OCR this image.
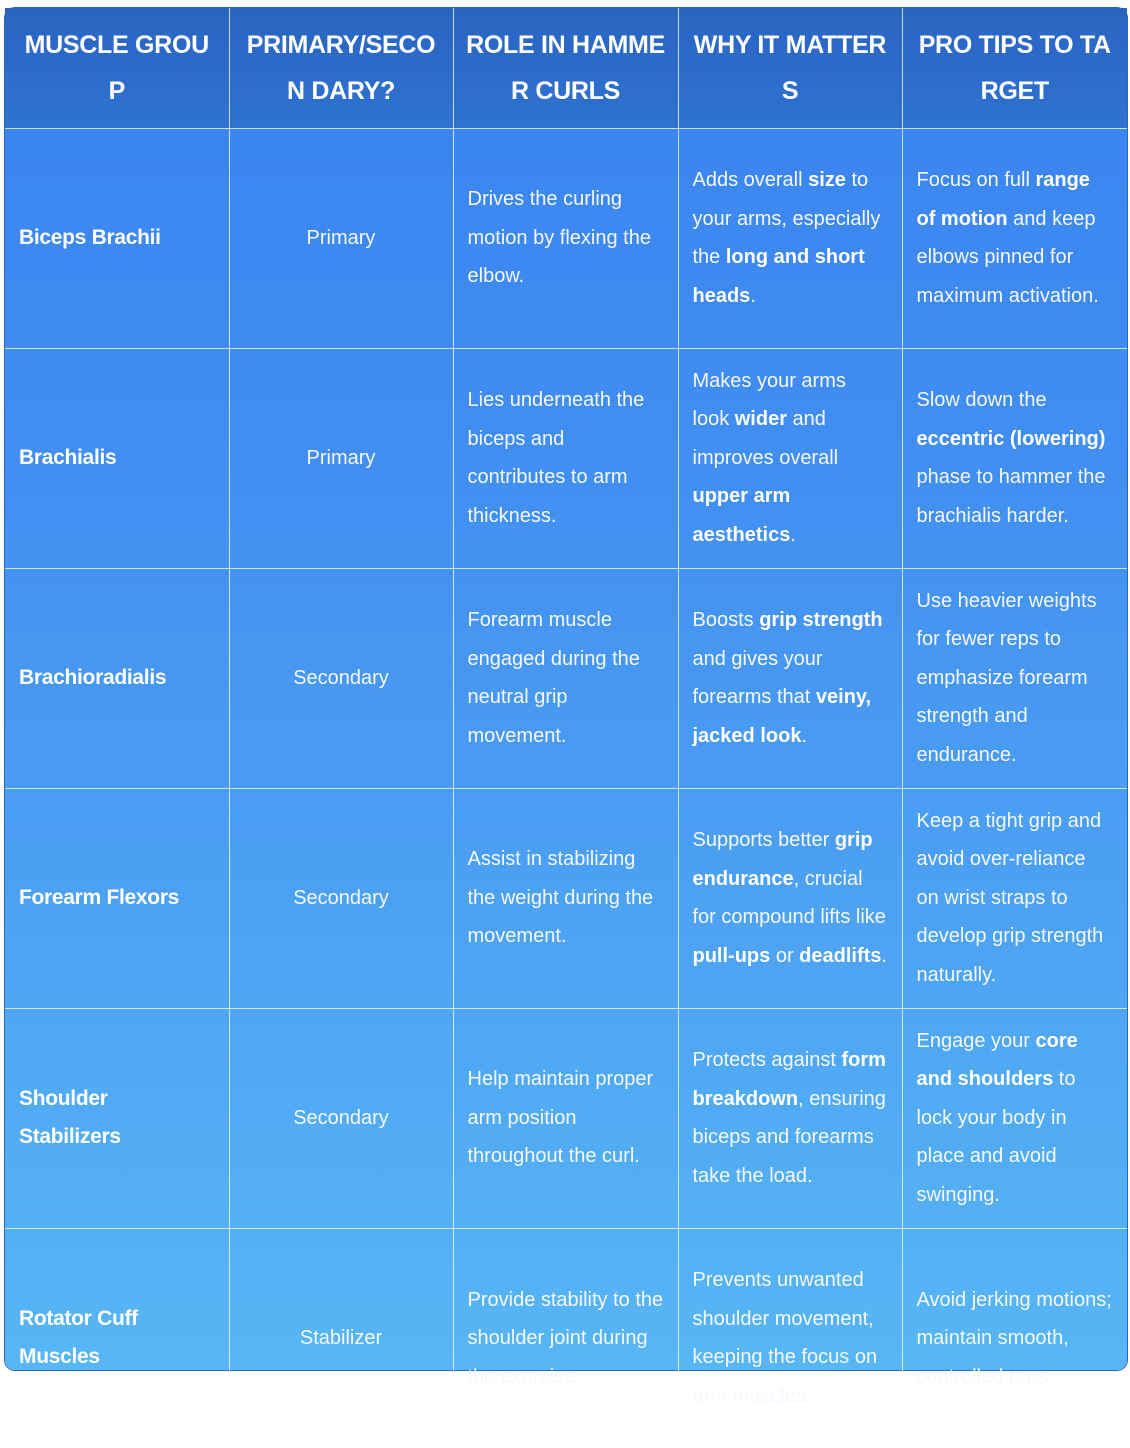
MUSCLE GROUP	PRIMARY/SECON DARY?	ROLE IN HAMMER CURLS	WHY IT MATTERS	PRO TIPS TO TARGET
Biceps Brachii	Primary	Drives the curling motion by flexing the elbow.	Adds overall size to your arms, especially the long and short heads.	Focus on full range of motion and keep elbows pinned for maximum activation.
Brachialis	Primary	Lies underneath the biceps and contributes to arm thickness.	Makes your arms look wider and improves overall upper arm aesthetics.	Slow down the eccentric (lowering) phase to hammer the brachialis harder.
Brachioradialis	Secondary	Forearm muscle engaged during the neutral grip movement.	Boosts grip strength and gives your forearms that veiny, jacked look.	Use heavier weights for fewer reps to emphasize forearm strength and endurance.
Forearm Flexors	Secondary	Assist in stabilizing the weight during the movement.	Supports better grip endurance, crucial for compound lifts like pull-ups or deadlifts.	Keep a tight grip and avoid over-reliance on wrist straps to develop grip strength naturally.
Shoulder Stabilizers	Secondary	Help maintain proper arm position throughout the curl.	Protects against form breakdown, ensuring biceps and forearms take the load.	Engage your core and shoulders to lock your body in place and avoid swinging.
Rotator Cuff Muscles	Stabilizer	Provide stability to the shoulder joint during the exercise.	Prevents unwanted shoulder movement, keeping the focus on arm muscles.	Avoid jerking motions; maintain smooth, controlled reps.
